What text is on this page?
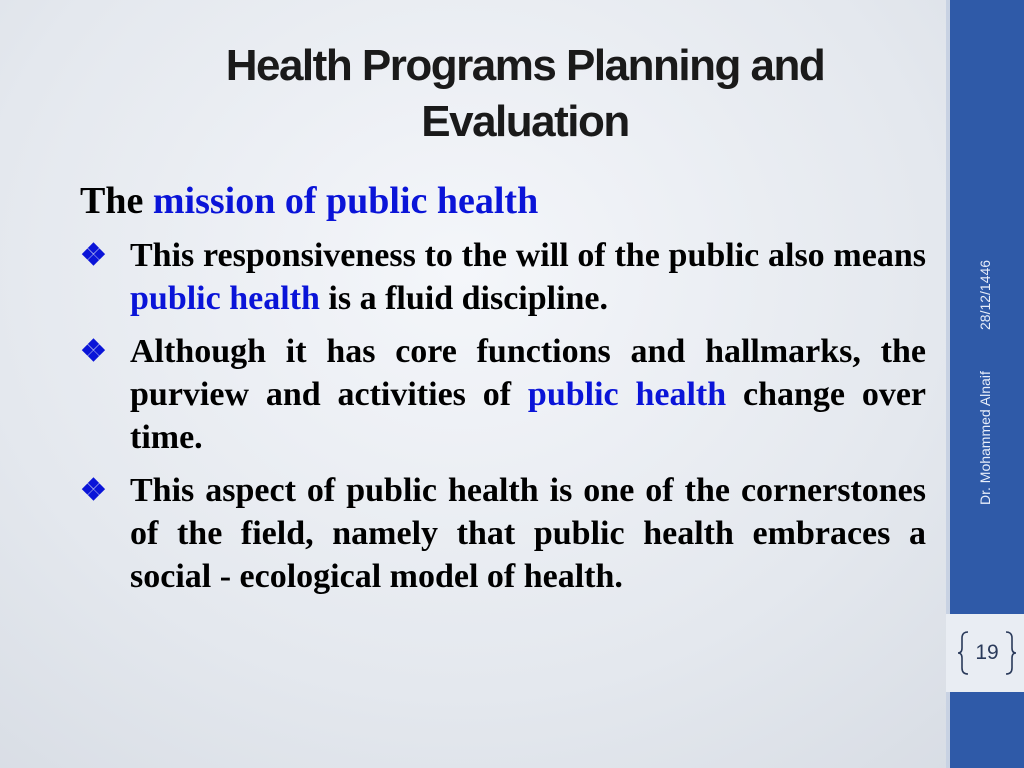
Health Programs Planning and
Evaluation
The mission of public health
❖ This responsiveness to the will of the public also means public health is a fluid discipline.
❖ Although it has core functions and hallmarks, the purview and activities of public health change over time.
❖ This aspect of public health is one of the cornerstones of the field, namely that public health embraces a social - ecological model of health.
28/12/1446
Dr. Mohammed Alnaif
19
